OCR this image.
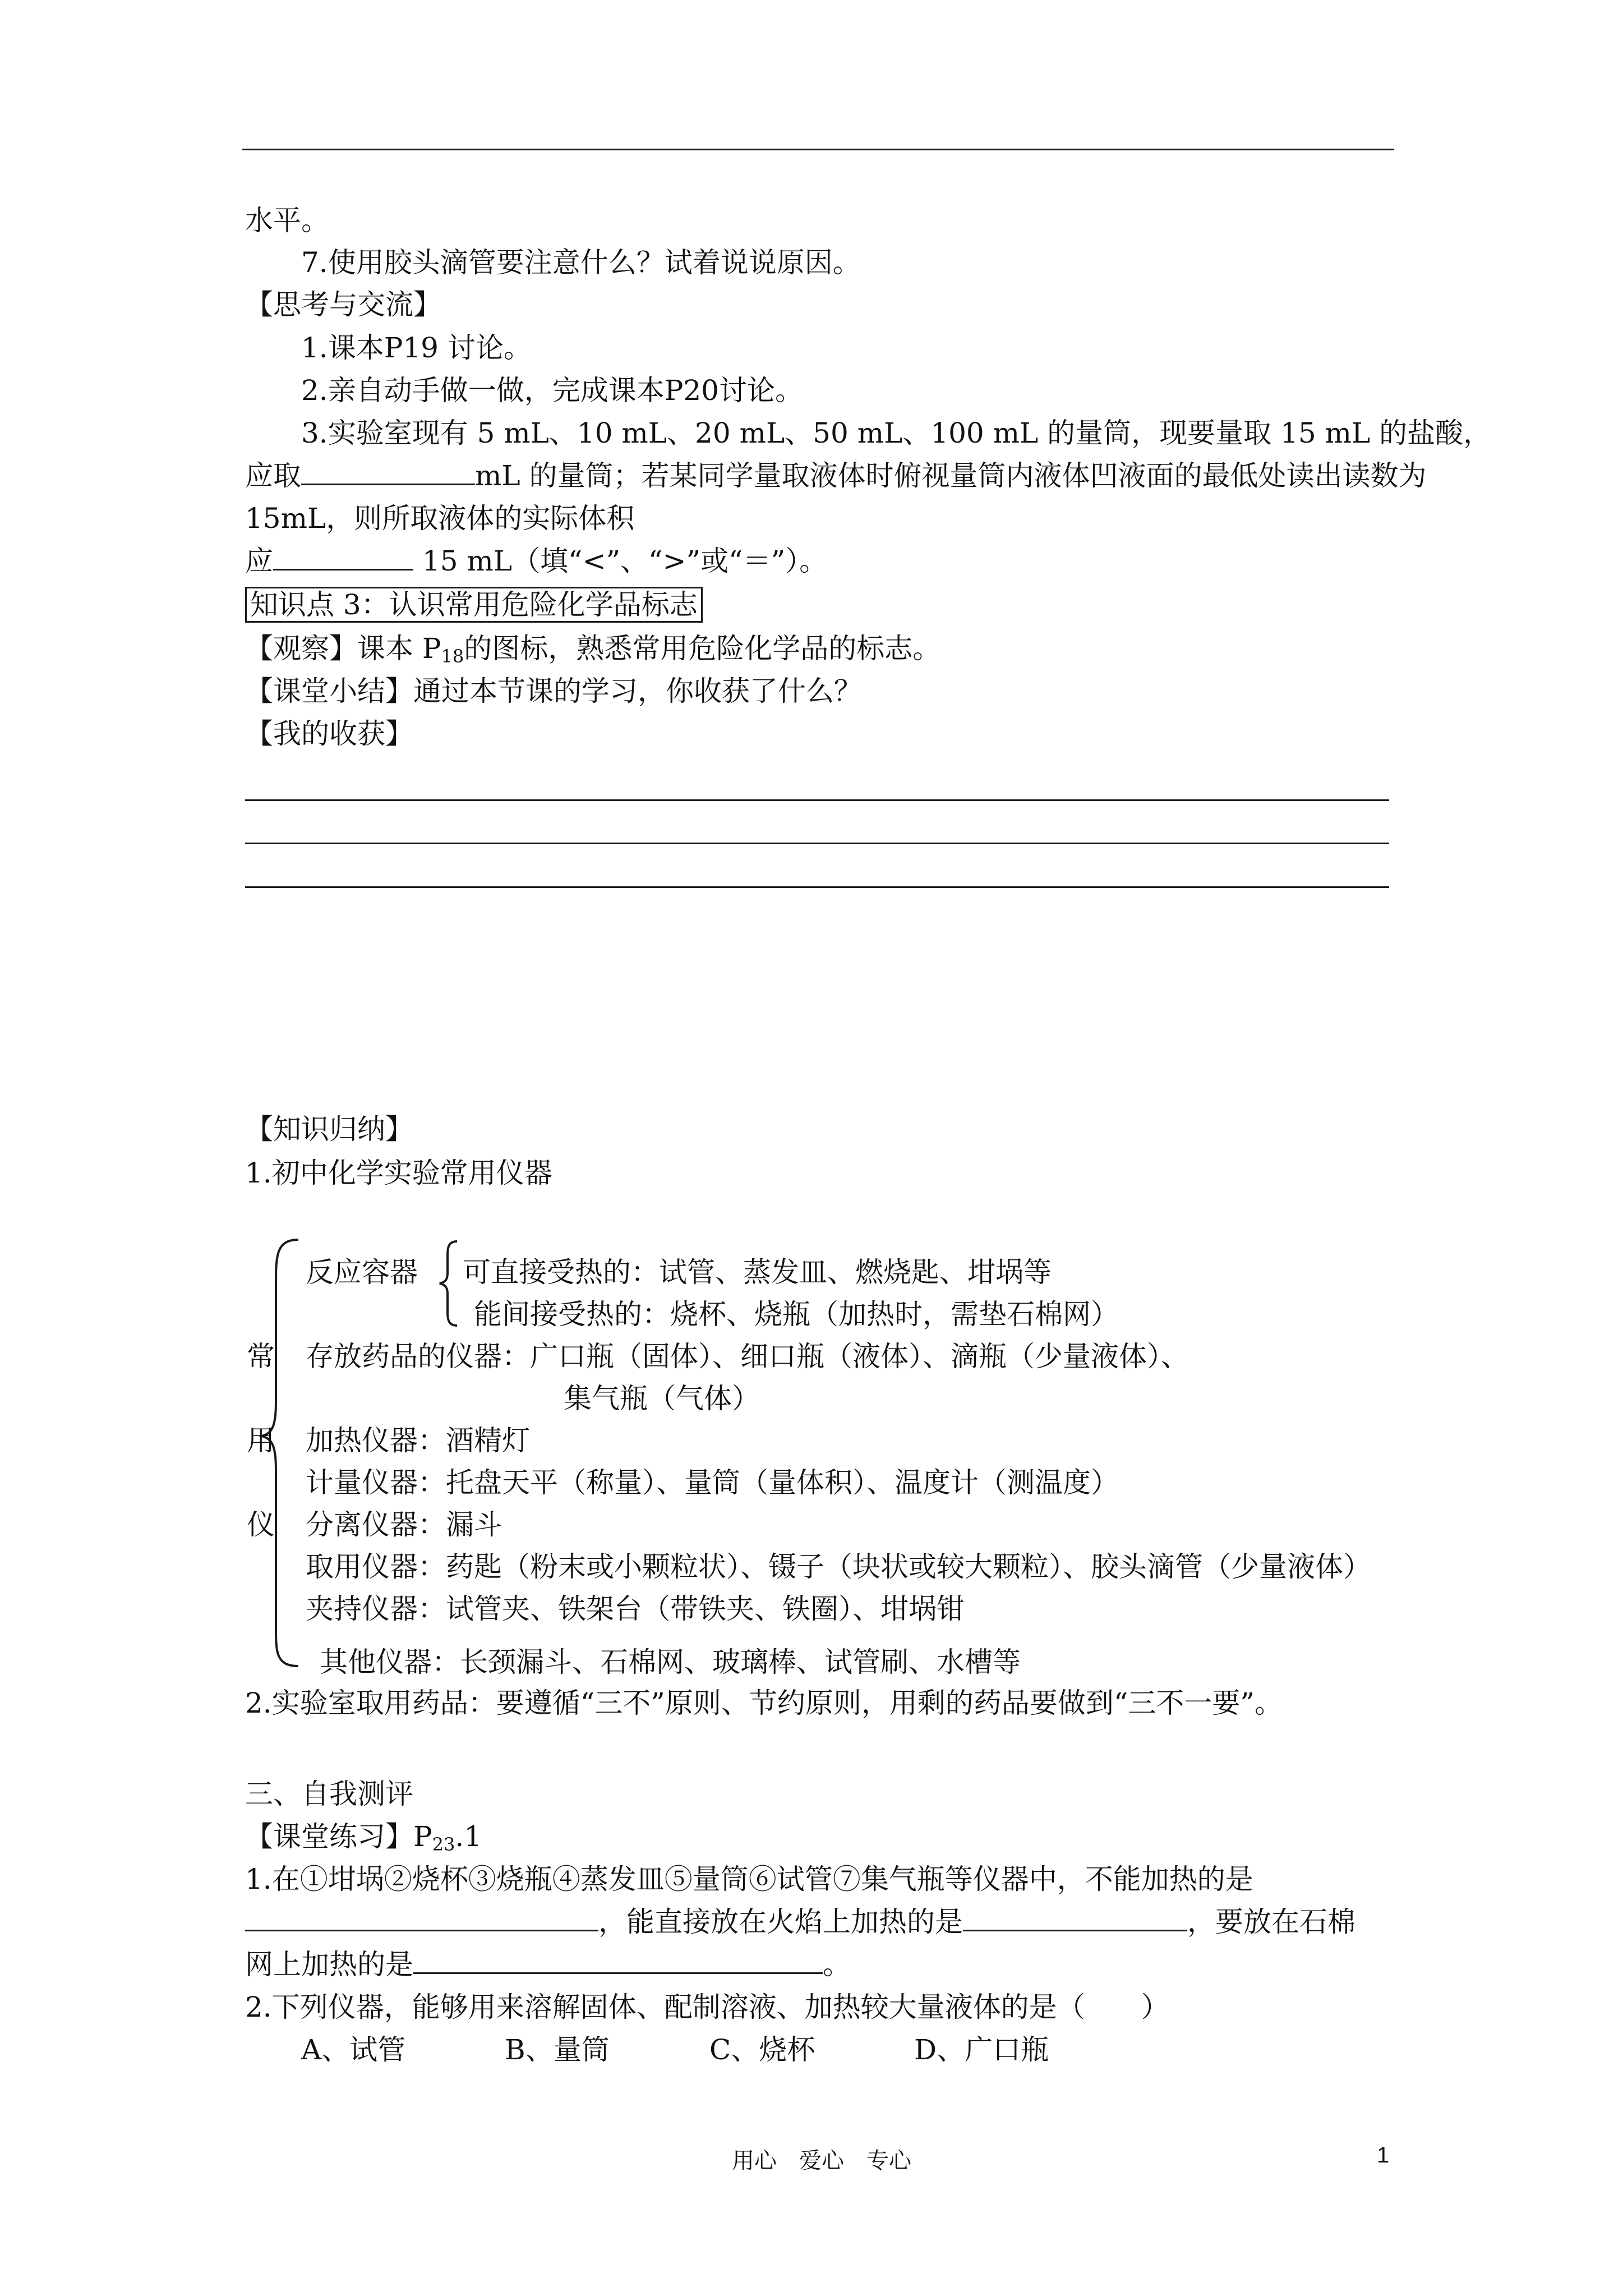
水平。
7.使用胶头滴管要注意什么？试着说说原因。
【思考与交流】
1.课本P19 讨论。
2.亲自动手做一做，完成课本P20讨论。
3.实验室现有 5 mL、10 mL、20 mL、50 mL、100 mL 的量筒，现要量取 15 mL 的盐酸，
应取	mL 的量筒；若某同学量取液体时俯视量筒内液体凹液面的最低处读出读数为
15mL，则所取液体的实际体积
应	15 mL（填“<”、“>”或“＝”）。
知识点 3：认识常用危险化学品标志
【观察】课本 $P_{18}$的图标，熟悉常用危险化学品的标志。
【课堂小结】通过本节课的学习，你收获了什么？
【我的收获】
【知识归纳】
1.初中化学实验常用仪器
常
用
仪
反应容器 可直接受热的：试管、蒸发皿、燃烧匙、坩埚等
能间接受热的：烧杯、烧瓶（加热时，需垫石棉网）
存放药品的仪器：广口瓶（固体）、细口瓶（液体）、滴瓶（少量液体）、
集气瓶（气体）
加热仪器：酒精灯
计量仪器：托盘天平（称量）、量筒（量体积）、温度计（测温度）
分离仪器：漏斗
取用仪器：药匙（粉末或小颗粒状）、镊子（块状或较大颗粒）、胶头滴管（少量液体）
夹持仪器：试管夹、铁架台（带铁夹、铁圈）、坩埚钳
其他仪器：长颈漏斗、石棉网、玻璃棒、试管刷、水槽等
2.实验室取用药品：要遵循“三不”原则、节约原则，用剩的药品要做到“三不一要”。
三、自我测评
【课堂练习】$P_{23}.1$
1.在①坩埚②烧杯③烧瓶④蒸发皿⑤量筒⑥试管⑦集气瓶等仪器中，不能加热的是
，能直接放在火焰上加热的是	，要放在石棉
网上加热的是	。
2.下列仪器，能够用来溶解固体、配制溶液、加热较大量液体的是（　　）
A、试管	B、量筒	C、烧杯	D、广口瓶
用心　爱心　专心	1
